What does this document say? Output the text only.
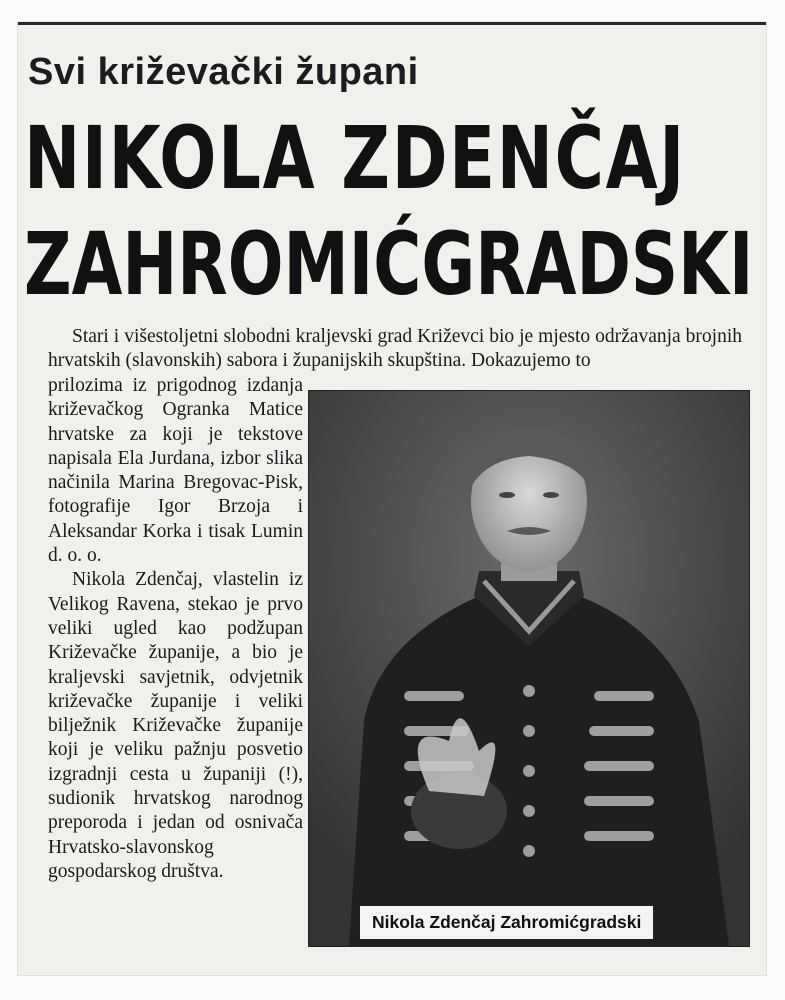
Svi križevački župani
NIKOLA ZDENČAJ
ZAHROMIĆGRADSKI

Stari i višestoljetni slobodni kraljevski grad Križevci bio je mjesto održavanja brojnih hrvatskih (slavonskih) sabora i županijskih skupština. Dokazujemo to

prilozima iz prigodnog izdanja križevačkog Ogranka Matice hrvatske za koji je tekstove napisala Ela Jurdana, izbor slika načinila Marina Bregovac-Pisk, fotografije Igor Brzoja i Aleksandar Korka i tisak Lumin d. o. o.

Nikola Zdenčaj, vlastelin iz Velikog Ravena, stekao je prvo veliki ugled kao podžupan Križevačke županije, a bio je kraljevski savjetnik, odvjetnik križevačke županije i veliki bilježnik Križevačke županije koji je veliku pažnju posvetio izgradnji cesta u županiji (!), sudionik hrvatskog narodnog preporoda i jedan od osnivača Hrvatsko-slavonskog gospodarskog društva.

Nikola Zdenčaj Zahromićgradski
